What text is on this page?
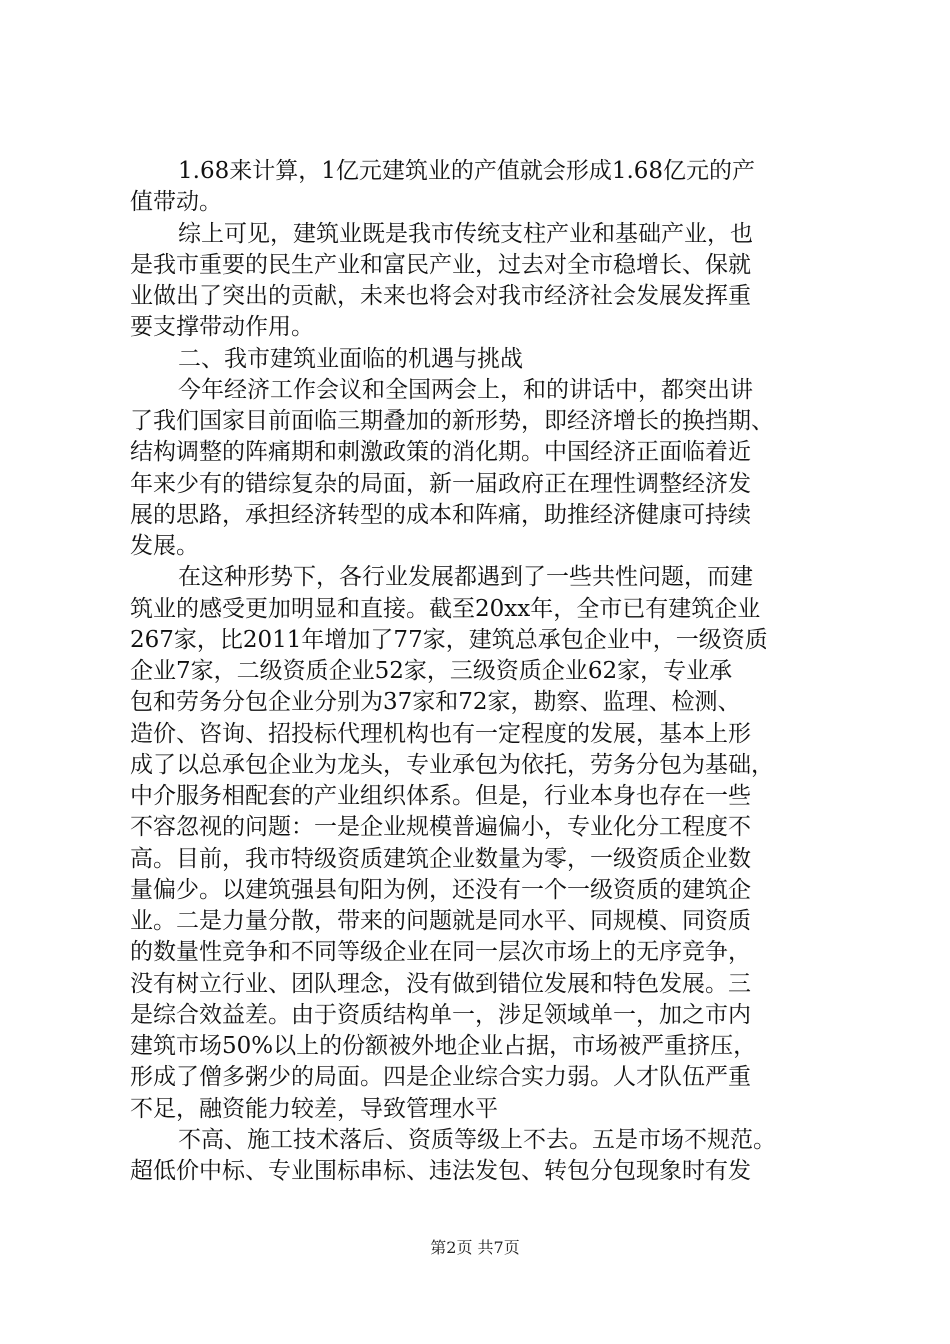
1.68来计算，1亿元建筑业的产值就会形成1.68亿元的产
值带动。
综上可见，建筑业既是我市传统支柱产业和基础产业，也
是我市重要的民生产业和富民产业，过去对全市稳增长、保就
业做出了突出的贡献，未来也将会对我市经济社会发展发挥重
要支撑带动作用。
二、我市建筑业面临的机遇与挑战
今年经济工作会议和全国两会上，和的讲话中，都突出讲
了我们国家目前面临三期叠加的新形势，即经济增长的换挡期、
结构调整的阵痛期和刺激政策的消化期。中国经济正面临着近
年来少有的错综复杂的局面，新一届政府正在理性调整经济发
展的思路，承担经济转型的成本和阵痛，助推经济健康可持续
发展。
在这种形势下，各行业发展都遇到了一些共性问题，而建
筑业的感受更加明显和直接。截至20xx年，全市已有建筑企业
267家，比2011年增加了77家，建筑总承包企业中，一级资质
企业7家，二级资质企业52家，三级资质企业62家，专业承
包和劳务分包企业分别为37家和72家，勘察、监理、检测、
造价、咨询、招投标代理机构也有一定程度的发展，基本上形
成了以总承包企业为龙头，专业承包为依托，劳务分包为基础，
中介服务相配套的产业组织体系。但是，行业本身也存在一些
不容忽视的问题：一是企业规模普遍偏小，专业化分工程度不
高。目前，我市特级资质建筑企业数量为零，一级资质企业数
量偏少。以建筑强县旬阳为例，还没有一个一级资质的建筑企
业。二是力量分散，带来的问题就是同水平、同规模、同资质
的数量性竞争和不同等级企业在同一层次市场上的无序竞争，
没有树立行业、团队理念，没有做到错位发展和特色发展。三
是综合效益差。由于资质结构单一，涉足领域单一，加之市内
建筑市场50%以上的份额被外地企业占据，市场被严重挤压，
形成了僧多粥少的局面。四是企业综合实力弱。人才队伍严重
不足，融资能力较差，导致管理水平
不高、施工技术落后、资质等级上不去。五是市场不规范。
超低价中标、专业围标串标、违法发包、转包分包现象时有发
第2页 共7页
